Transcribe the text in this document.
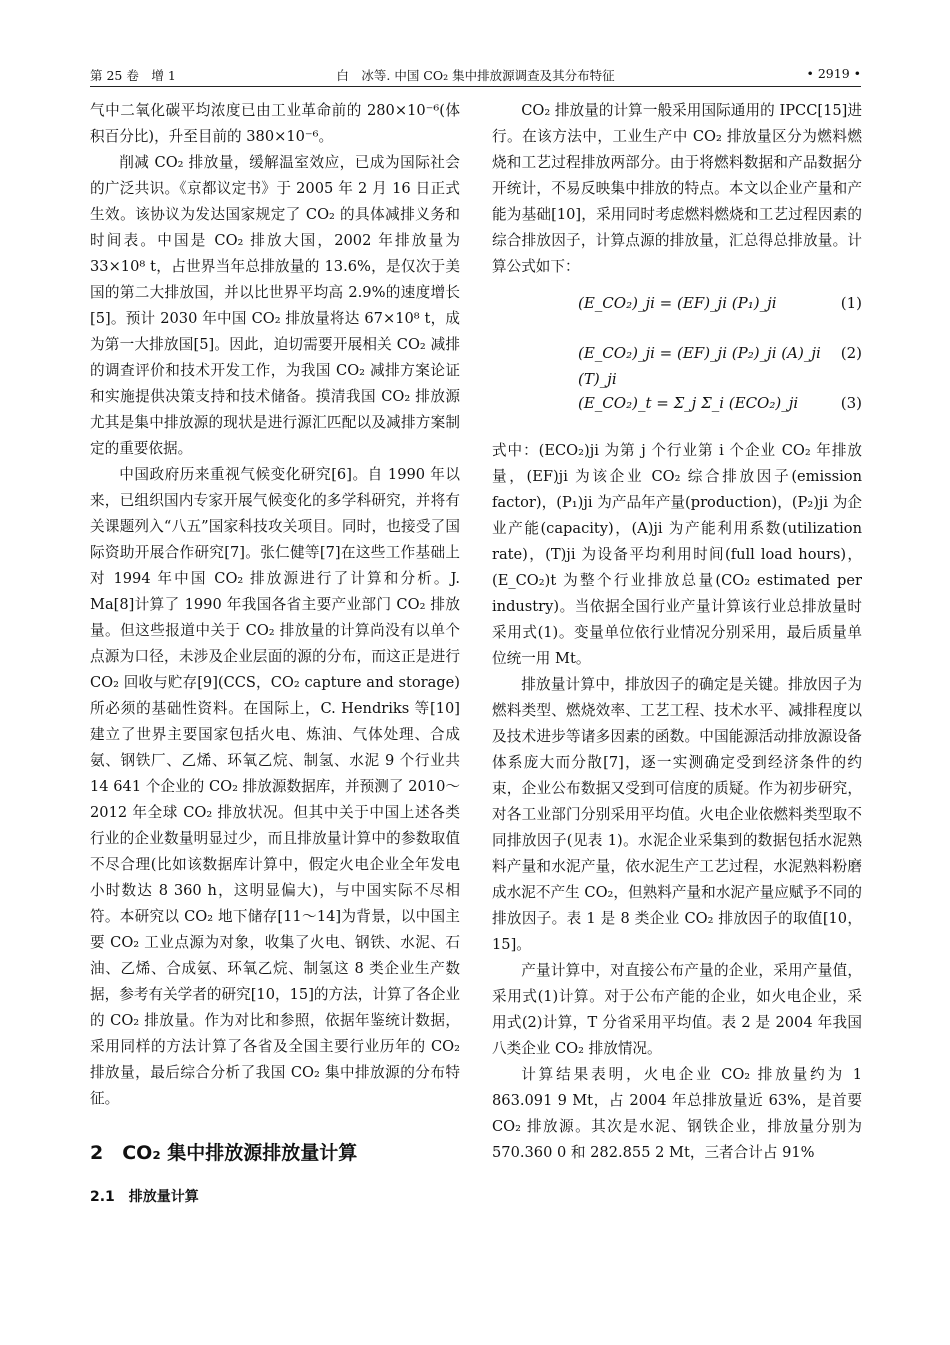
第 25 卷　增 1	白　冰等. 中国 CO₂ 集中排放源调查及其分布特征	• 2919 •

气中二氧化碳平均浓度已由工业革命前的 280×10⁻⁶(体积百分比)，升至目前的 380×10⁻⁶。

削减 CO₂ 排放量，缓解温室效应，已成为国际社会的广泛共识。《京都议定书》于 2005 年 2 月 16 日正式生效。该协议为发达国家规定了 CO₂ 的具体减排义务和时间表。中国是 CO₂ 排放大国，2002 年排放量为 33×10⁸ t，占世界当年总排放量的 13.6%，是仅次于美国的第二大排放国，并以比世界平均高 2.9%的速度增长[5]。预计 2030 年中国 CO₂ 排放量将达 67×10⁸ t，成为第一大排放国[5]。因此，迫切需要开展相关 CO₂ 减排的调查评价和技术开发工作，为我国 CO₂ 减排方案论证和实施提供决策支持和技术储备。摸清我国 CO₂ 排放源尤其是集中排放源的现状是进行源汇匹配以及减排方案制定的重要依据。

中国政府历来重视气候变化研究[6]。自 1990 年以来，已组织国内专家开展气候变化的多学科研究，并将有关课题列入“八五”国家科技攻关项目。同时，也接受了国际资助开展合作研究[7]。张仁健等[7]在这些工作基础上对 1994 年中国 CO₂ 排放源进行了计算和分析。J. Ma[8]计算了 1990 年我国各省主要产业部门 CO₂ 排放量。但这些报道中关于 CO₂ 排放量的计算尚没有以单个点源为口径，未涉及企业层面的源的分布，而这正是进行 CO₂ 回收与贮存[9](CCS，CO₂ capture and storage)所必须的基础性资料。在国际上，C. Hendriks 等[10]建立了世界主要国家包括火电、炼油、气体处理、合成氨、钢铁厂、乙烯、环氧乙烷、制氢、水泥 9 个行业共 14 641 个企业的 CO₂ 排放源数据库，并预测了 2010～2012 年全球 CO₂ 排放状况。但其中关于中国上述各类行业的企业数量明显过少，而且排放量计算中的参数取值不尽合理(比如该数据库计算中，假定火电企业全年发电小时数达 8 360 h，这明显偏大)，与中国实际不尽相符。本研究以 CO₂ 地下储存[11～14]为背景，以中国主要 CO₂ 工业点源为对象，收集了火电、钢铁、水泥、石油、乙烯、合成氨、环氧乙烷、制氢这 8 类企业生产数据，参考有关学者的研究[10，15]的方法，计算了各企业的 CO₂ 排放量。作为对比和参照，依据年鉴统计数据，采用同样的方法计算了各省及全国主要行业历年的 CO₂ 排放量，最后综合分析了我国 CO₂ 集中排放源的分布特征。

2　CO₂ 集中排放源排放量计算
2.1　排放量计算

CO₂ 排放量的计算一般采用国际通用的 IPCC[15]进行。在该方法中，工业生产中 CO₂ 排放量区分为燃料燃烧和工艺过程排放两部分。由于将燃料数据和产品数据分开统计，不易反映集中排放的特点。本文以企业产量和产能为基础[10]，采用同时考虑燃料燃烧和工艺过程因素的综合排放因子，计算点源的排放量，汇总得总排放量。计算公式如下：

(E_CO₂)_ji = (EF)_ji (P₁)_ji	(1)
(E_CO₂)_ji = (EF)_ji (P₂)_ji (A)_ji (T)_ji
(2)
(E_CO₂)_t = Σ_j Σ_i (ECO₂)_ji	(3)

式中：(ECO₂)ji 为第 j 个行业第 i 个企业 CO₂ 年排放量，(EF)ji 为该企业 CO₂ 综合排放因子(emission factor)，(P₁)ji 为产品年产量(production)，(P₂)ji 为企业产能(capacity)，(A)ji 为产能利用系数(utilization rate)，(T)ji 为设备平均利用时间(full load hours)，(E_CO₂)t 为整个行业排放总量(CO₂ estimated per industry)。当依据全国行业产量计算该行业总排放量时采用式(1)。变量单位依行业情况分别采用，最后质量单位统一用 Mt。

排放量计算中，排放因子的确定是关键。排放因子为燃料类型、燃烧效率、工艺工程、技术水平、减排程度以及技术进步等诸多因素的函数。中国能源活动排放源设备体系庞大而分散[7]，逐一实测确定受到经济条件的约束，企业公布数据又受到可信度的质疑。作为初步研究，对各工业部门分别采用平均值。火电企业依燃料类型取不同排放因子(见表 1)。水泥企业采集到的数据包括水泥熟料产量和水泥产量，依水泥生产工艺过程，水泥熟料粉磨成水泥不产生 CO₂，但熟料产量和水泥产量应赋予不同的排放因子。表 1 是 8 类企业 CO₂ 排放因子的取值[10，15]。

产量计算中，对直接公布产量的企业，采用产量值，采用式(1)计算。对于公布产能的企业，如火电企业，采用式(2)计算，T 分省采用平均值。表 2 是 2004 年我国八类企业 CO₂ 排放情况。

计算结果表明，火电企业 CO₂ 排放量约为 1 863.091 9 Mt，占 2004 年总排放量近 63%，是首要 CO₂ 排放源。其次是水泥、钢铁企业，排放量分别为 570.360 0 和 282.855 2 Mt，三者合计占 91%
